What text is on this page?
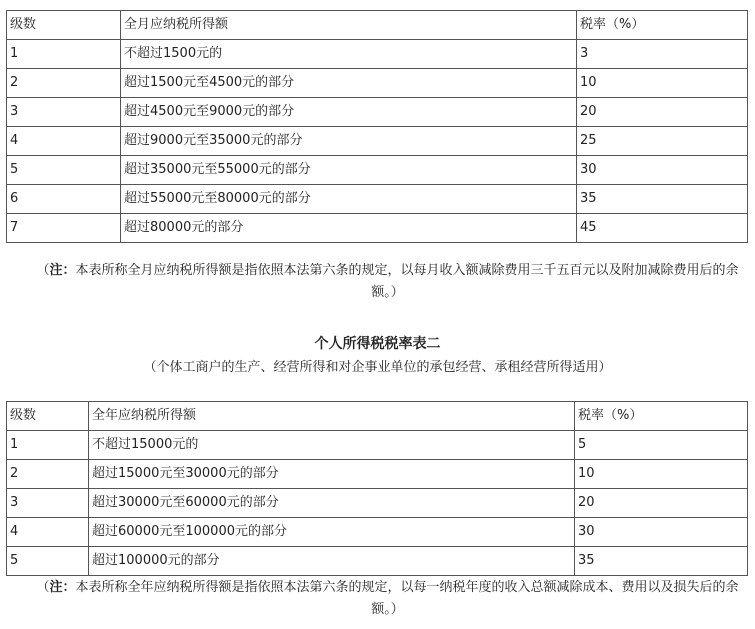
级数	全月应纳税所得额	税率（%）
1	不超过1500元的	3
2	超过1500元至4500元的部分	10
3	超过4500元至9000元的部分	20
4	超过9000元至35000元的部分	25
5	超过35000元至55000元的部分	30
6	超过55000元至80000元的部分	35
7	超过80000元的部分	45
（注：本表所称全月应纳税所得额是指依照本法第六条的规定，以每月收入额减除费用三千五百元以及附加减除费用后的余额。）
个人所得税税率表二
（个体工商户的生产、经营所得和对企事业单位的承包经营、承租经营所得适用）
级数	全年应纳税所得额	税率（%）
1	不超过15000元的	5
2	超过15000元至30000元的部分	10
3	超过30000元至60000元的部分	20
4	超过60000元至100000元的部分	30
5	超过100000元的部分	35
（注：本表所称全年应纳税所得额是指依照本法第六条的规定，以每一纳税年度的收入总额减除成本、费用以及损失后的余额。）
